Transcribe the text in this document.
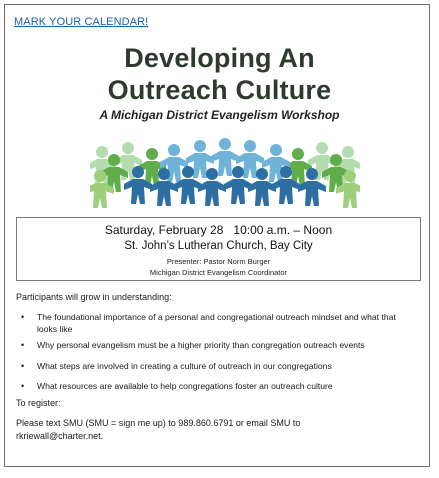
MARK YOUR CALENDAR!
Developing An
Outreach Culture
A Michigan District Evangelism Workshop
Saturday, February 28 10:00 a.m. – Noon
St. John’s Lutheran Church, Bay City
Presenter: Pastor Norm Burger
Michigan District Evangelism Coordinator
Participants will grow in understanding:
• The foundational importance of a personal and congregational outreach mindset and what that looks like
• Why personal evangelism must be a higher priority than congregation outreach events
• What steps are involved in creating a culture of outreach in our congregations
• What resources are available to help congregations foster an outreach culture
To register:
Please text SMU (SMU = sign me up) to 989.860.6791 or email SMU to
rkriewall@charter.net.
